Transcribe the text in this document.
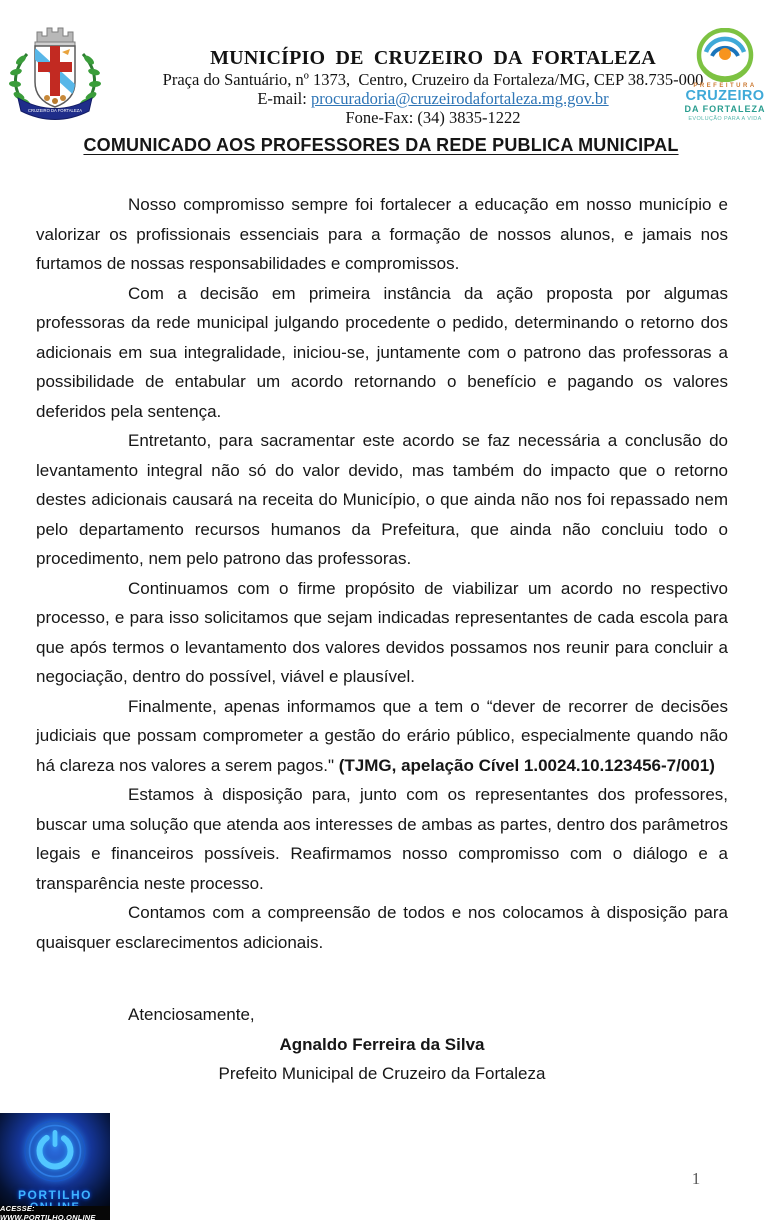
CRUZEIRO DA FORTALEZA
MUNICÍPIO DE CRUZEIRO DA FORTALEZA
Praça do Santuário, nº 1373,  Centro, Cruzeiro da Fortaleza/MG, CEP 38.735-000
E-mail: procuradoria@cruzeirodafortaleza.mg.gov.br
Fone-Fax: (34) 3835-1222
PREFEITURA
CRUZEIRO
DA FORTALEZA
EVOLUÇÃO PARA A VIDA
COMUNICADO AOS PROFESSORES DA REDE PUBLICA MUNICIPAL

Nosso compromisso sempre foi fortalecer a educação em nosso município e valorizar os profissionais essenciais para a formação de nossos alunos, e jamais nos furtamos de nossas responsabilidades e compromissos.

Com a decisão em primeira instância da ação proposta por algumas professoras da rede municipal julgando procedente o pedido, determinando o retorno dos adicionais em sua integralidade, iniciou-se, juntamente com o patrono das professoras a possibilidade de entabular um acordo retornando o benefício e pagando os valores deferidos pela sentença.

Entretanto, para sacramentar este acordo se faz necessária a conclusão do levantamento integral não só do valor devido, mas também do impacto que o retorno destes adicionais causará na receita do Município, o que ainda não nos foi repassado nem pelo departamento recursos humanos da Prefeitura, que ainda não concluiu todo o procedimento, nem pelo patrono das professoras.

Continuamos com o firme propósito de viabilizar um acordo no respectivo processo, e para isso solicitamos que sejam indicadas representantes de cada escola para que após termos o levantamento dos valores devidos possamos nos reunir para concluir a negociação, dentro do possível, viável e plausível.

Finalmente, apenas informamos que a tem o “dever de recorrer de decisões judiciais que possam comprometer a gestão do erário público, especialmente quando não há clareza nos valores a serem pagos." (TJMG, apelação Cível 1.0024.10.123456-7/001)

Estamos à disposição para, junto com os representantes dos professores, buscar uma solução que atenda aos interesses de ambas as partes, dentro dos parâmetros legais e financeiros possíveis. Reafirmamos nosso compromisso com o diálogo e a transparência neste processo.

Contamos com a compreensão de todos e nos colocamos à disposição para quaisquer esclarecimentos adicionais.

Atenciosamente,

Agnaldo Ferreira da Silva

Prefeito Municipal de Cruzeiro da Fortaleza

PORTILHO
ACESSE: WWW.PORTILHO.ONLINE
1
